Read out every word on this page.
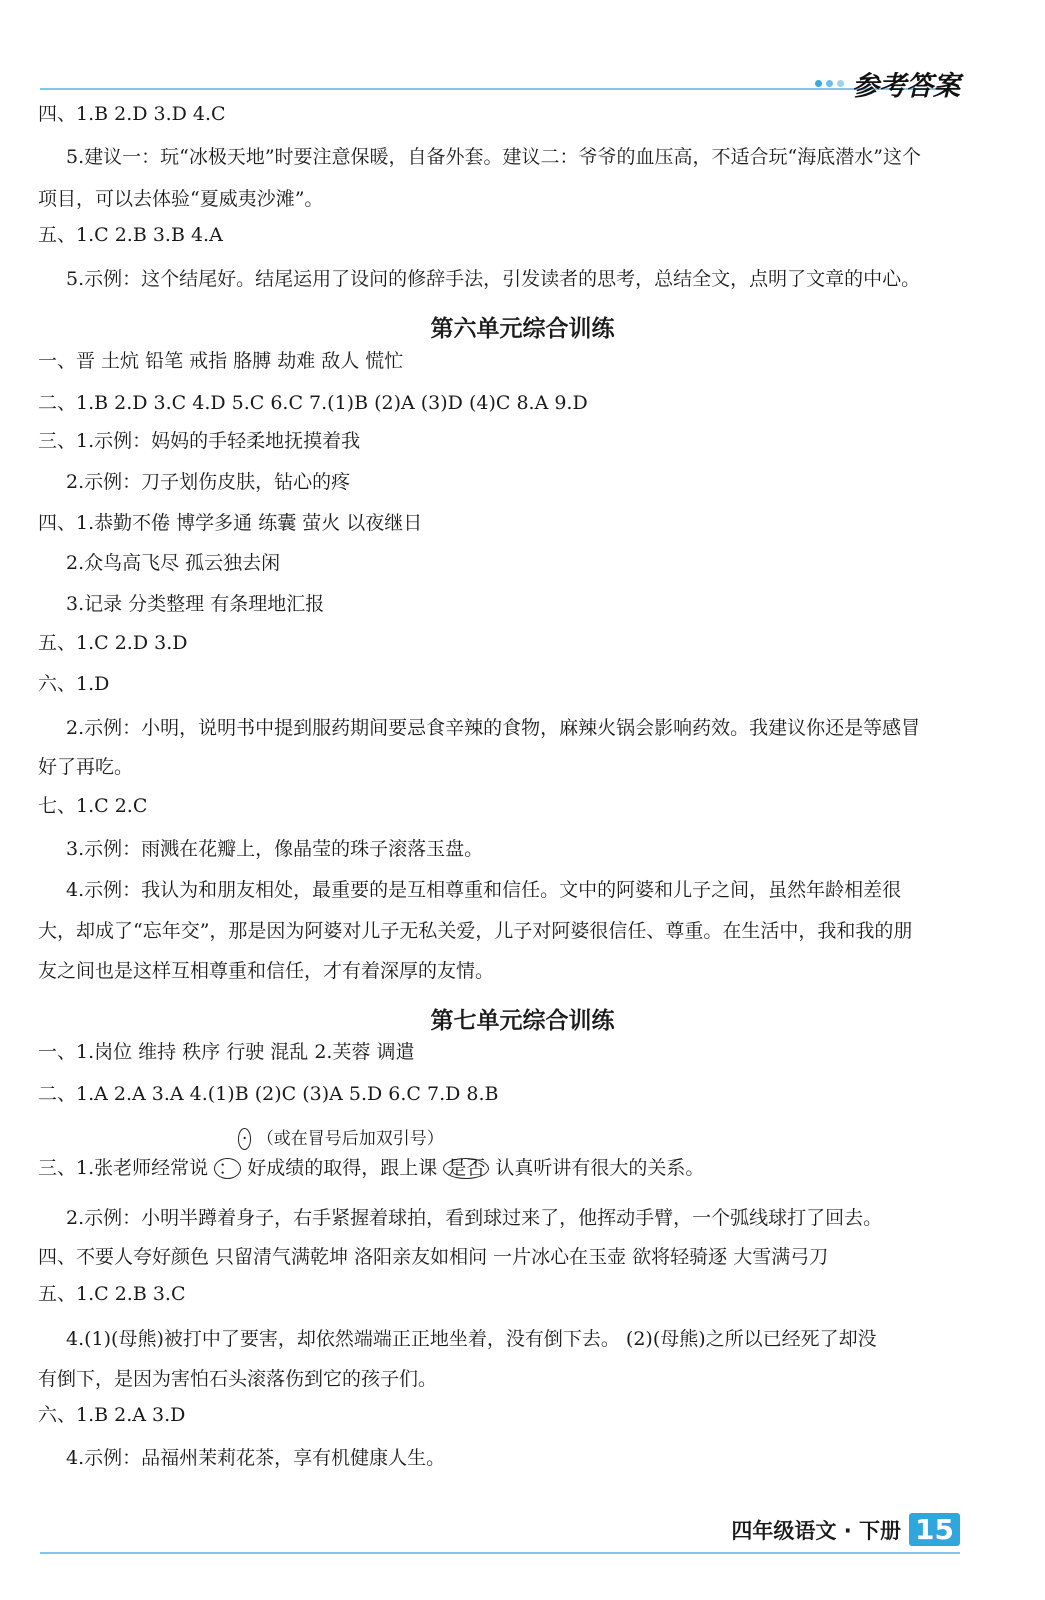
参考答案
四、1.B 2.D 3.D 4.C
5.建议一：玩“冰极天地”时要注意保暖，自备外套。建议二：爷爷的血压高，不适合玩“海底潜水”这个
项目，可以去体验“夏威夷沙滩”。
五、1.C 2.B 3.B 4.A
5.示例：这个结尾好。结尾运用了设问的修辞手法，引发读者的思考，总结全文，点明了文章的中心。
第六单元综合训练
一、晋 土炕 铅笔 戒指 胳膊 劫难 敌人 慌忙
二、1.B 2.D 3.C 4.D 5.C 6.C 7.(1)B (2)A (3)D (4)C 8.A 9.D
三、1.示例：妈妈的手轻柔地抚摸着我
2.示例：刀子划伤皮肤，钻心的疼
四、1.恭勤不倦 博学多通 练囊 萤火 以夜继日
2.众鸟高飞尽 孤云独去闲
3.记录 分类整理 有条理地汇报
五、1.C 2.D 3.D
六、1.D
2.示例：小明，说明书中提到服药期间要忌食辛辣的食物，麻辣火锅会影响药效。我建议你还是等感冒
好了再吃。
七、1.C 2.C
3.示例：雨溅在花瓣上，像晶莹的珠子滚落玉盘。
4.示例：我认为和朋友相处，最重要的是互相尊重和信任。文中的阿婆和儿子之间，虽然年龄相差很
大，却成了“忘年交”，那是因为阿婆对儿子无私关爱，儿子对阿婆很信任、尊重。在生活中，我和我的朋
友之间也是这样互相尊重和信任，才有着深厚的友情。
第七单元综合训练
一、1.岗位 维持 秩序 行驶 混乱 2.芙蓉 调遣
二、1.A 2.A 3.A 4.(1)B (2)C (3)A 5.D 6.C 7.D 8.B
· （或在冒号后加双引号）
三、1.张老师经常说 ： 好成绩的取得，跟上课 是否 认真听讲有很大的关系。
2.示例：小明半蹲着身子，右手紧握着球拍，看到球过来了，他挥动手臂，一个弧线球打了回去。
四、不要人夸好颜色 只留清气满乾坤 洛阳亲友如相问 一片冰心在玉壶 欲将轻骑逐 大雪满弓刀
五、1.C 2.B 3.C
4.(1)(母熊)被打中了要害，却依然端端正正地坐着，没有倒下去。 (2)(母熊)之所以已经死了却没
有倒下，是因为害怕石头滚落伤到它的孩子们。
六、1.B 2.A 3.D
4.示例：品福州茉莉花茶，享有机健康人生。
四年级语文 · 下册 15
